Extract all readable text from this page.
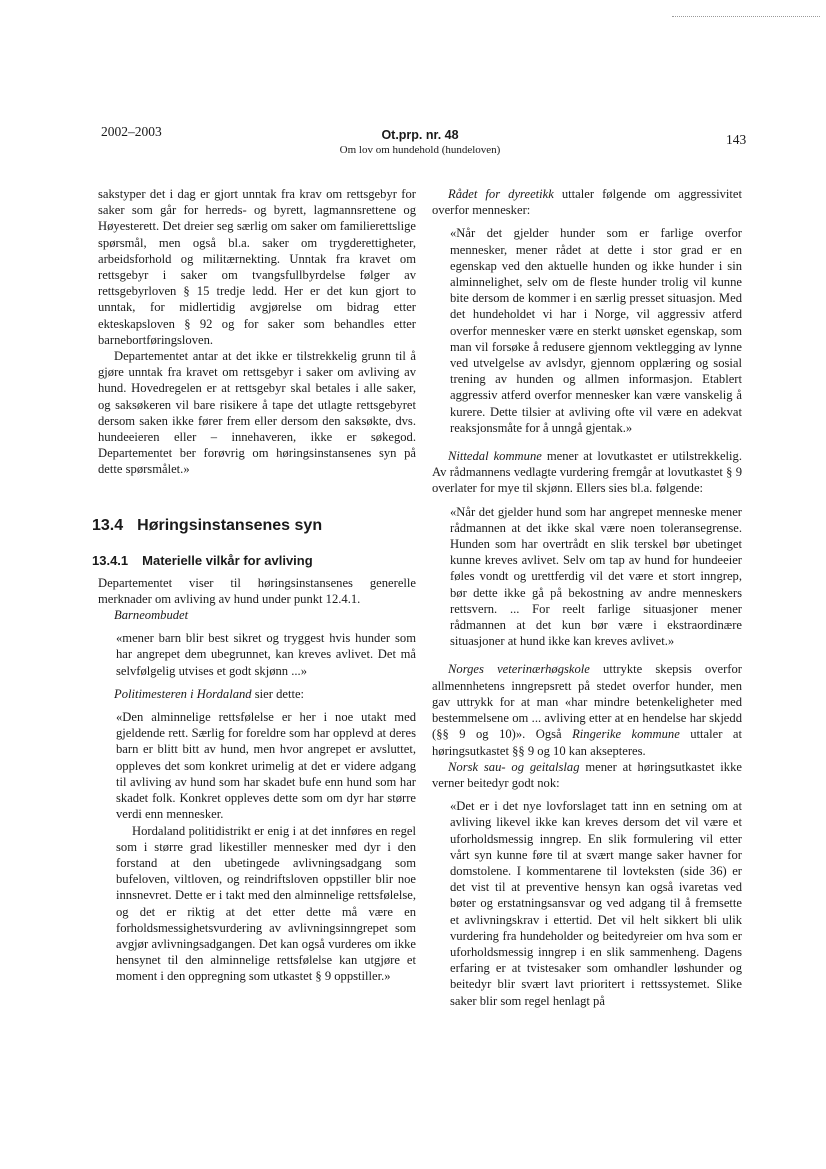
2002–2003	Ot.prp. nr. 48
Om lov om hundehold (hundeloven)
143

sakstyper det i dag er gjort unntak fra krav om rettsgebyr for saker som går for herreds- og byrett, lagmannsrettene og Høyesterett. Det dreier seg særlig om saker om familierettslige spørsmål, men også bl.a. saker om trygderettigheter, arbeidsforhold og militærnekting. Unntak fra kravet om rettsgebyr i saker om tvangsfullbyrdelse følger av rettsgebyrloven § 15 tredje ledd. Her er det kun gjort to unntak, for midlertidig avgjørelse om bidrag etter ekteskapsloven § 92 og for saker som behandles etter barnebortføringsloven.

Departementet antar at det ikke er tilstrekkelig grunn til å gjøre unntak fra kravet om rettsgebyr i saker om avliving av hund. Hovedregelen er at rettsgebyr skal betales i alle saker, og saksøkeren vil bare risikere å tape det utlagte rettsgebyret dersom saken ikke fører frem eller dersom den saksøkte, dvs. hundeeieren eller – innehaveren, ikke er søkegod. Departementet ber forøvrig om høringsinstansenes syn på dette spørsmålet.»

13.4 Høringsinstansenes syn
13.4.1 Materielle vilkår for avliving

Departementet viser til høringsinstansenes generelle merknader om avliving av hund under punkt 12.4.1.

Barneombudet

«mener barn blir best sikret og tryggest hvis hunder som har angrepet dem ubegrunnet, kan kreves avlivet. Det må selvfølgelig utvises et godt skjønn ...»

Politimesteren i Hordaland sier dette:

«Den alminnelige rettsfølelse er her i noe utakt med gjeldende rett. Særlig for foreldre som har opplevd at deres barn er blitt bitt av hund, men hvor angrepet er avsluttet, oppleves det som konkret urimelig at det er videre adgang til avliving av hund som har skadet bufe enn hund som har skadet folk. Konkret oppleves dette som om dyr har større verdi enn mennesker.

Hordaland politidistrikt er enig i at det innføres en regel som i større grad likestiller mennesker med dyr i den forstand at den ubetingede avlivningsadgang som bufeloven, viltloven, og reindriftsloven oppstiller blir noe innsnevret. Dette er i takt med den alminnelige rettsfølelse, og det er riktig at det etter dette må være en forholdsmessighetsvurdering av avlivningsinngrepet som avgjør avlivningsadgangen. Det kan også vurderes om ikke hensynet til den alminnelige rettsfølelse kan utgjøre et moment i den oppregning som utkastet § 9 oppstiller.»

Rådet for dyreetikk uttaler følgende om aggressivitet overfor mennesker:

«Når det gjelder hunder som er farlige overfor mennesker, mener rådet at dette i stor grad er en egenskap ved den aktuelle hunden og ikke hunder i sin alminnelighet, selv om de fleste hunder trolig vil kunne bite dersom de kommer i en særlig presset situasjon. Med det hundeholdet vi har i Norge, vil aggressiv atferd overfor mennesker være en sterkt uønsket egenskap, som man vil forsøke å redusere gjennom vektlegging av lynne ved utvelgelse av avlsdyr, gjennom opplæring og sosial trening av hunden og allmen informasjon. Etablert aggressiv atferd overfor mennesker kan være vanskelig å kurere. Dette tilsier at avliving ofte vil være en adekvat reaksjonsmåte for å unngå gjentak.»

Nittedal kommune mener at lovutkastet er utilstrekkelig. Av rådmannens vedlagte vurdering fremgår at lovutkastet § 9 overlater for mye til skjønn. Ellers sies bl.a. følgende:

«Når det gjelder hund som har angrepet menneske mener rådmannen at det ikke skal være noen toleransegrense. Hunden som har overtrådt en slik terskel bør ubetinget kunne kreves avlivet. Selv om tap av hund for hundeeier føles vondt og urettferdig vil det være et stort inngrep, bør dette ikke gå på bekostning av andre menneskers rettsvern. ... For reelt farlige situasjoner mener rådmannen at det kun bør være i ekstraordinære situasjoner at hund ikke kan kreves avlivet.»

Norges veterinærhøgskole uttrykte skepsis overfor allmennhetens inngrepsrett på stedet overfor hunder, men gav uttrykk for at man «har mindre betenkeligheter med bestemmelsene om ... avliving etter at en hendelse har skjedd (§§ 9 og 10)». Også Ringerike kommune uttaler at høringsutkastet §§ 9 og 10 kan aksepteres.

Norsk sau- og geitalslag mener at høringsutkastet ikke verner beitedyr godt nok:

«Det er i det nye lovforslaget tatt inn en setning om at avliving likevel ikke kan kreves dersom det vil være et uforholdsmessig inngrep. En slik formulering vil etter vårt syn kunne føre til at svært mange saker havner for domstolene. I kommentarene til lovteksten (side 36) er det vist til at preventive hensyn kan også ivaretas ved bøter og erstatningsansvar og ved adgang til å fremsette et avlivningskrav i ettertid. Det vil helt sikkert bli ulik vurdering fra hundeholder og beitedyreier om hva som er uforholdsmessig inngrep i en slik sammenheng. Dagens erfaring er at tvistesaker som omhandler løshunder og beitedyr blir svært lavt prioritert i rettssystemet. Slike saker blir som regel henlagt på
